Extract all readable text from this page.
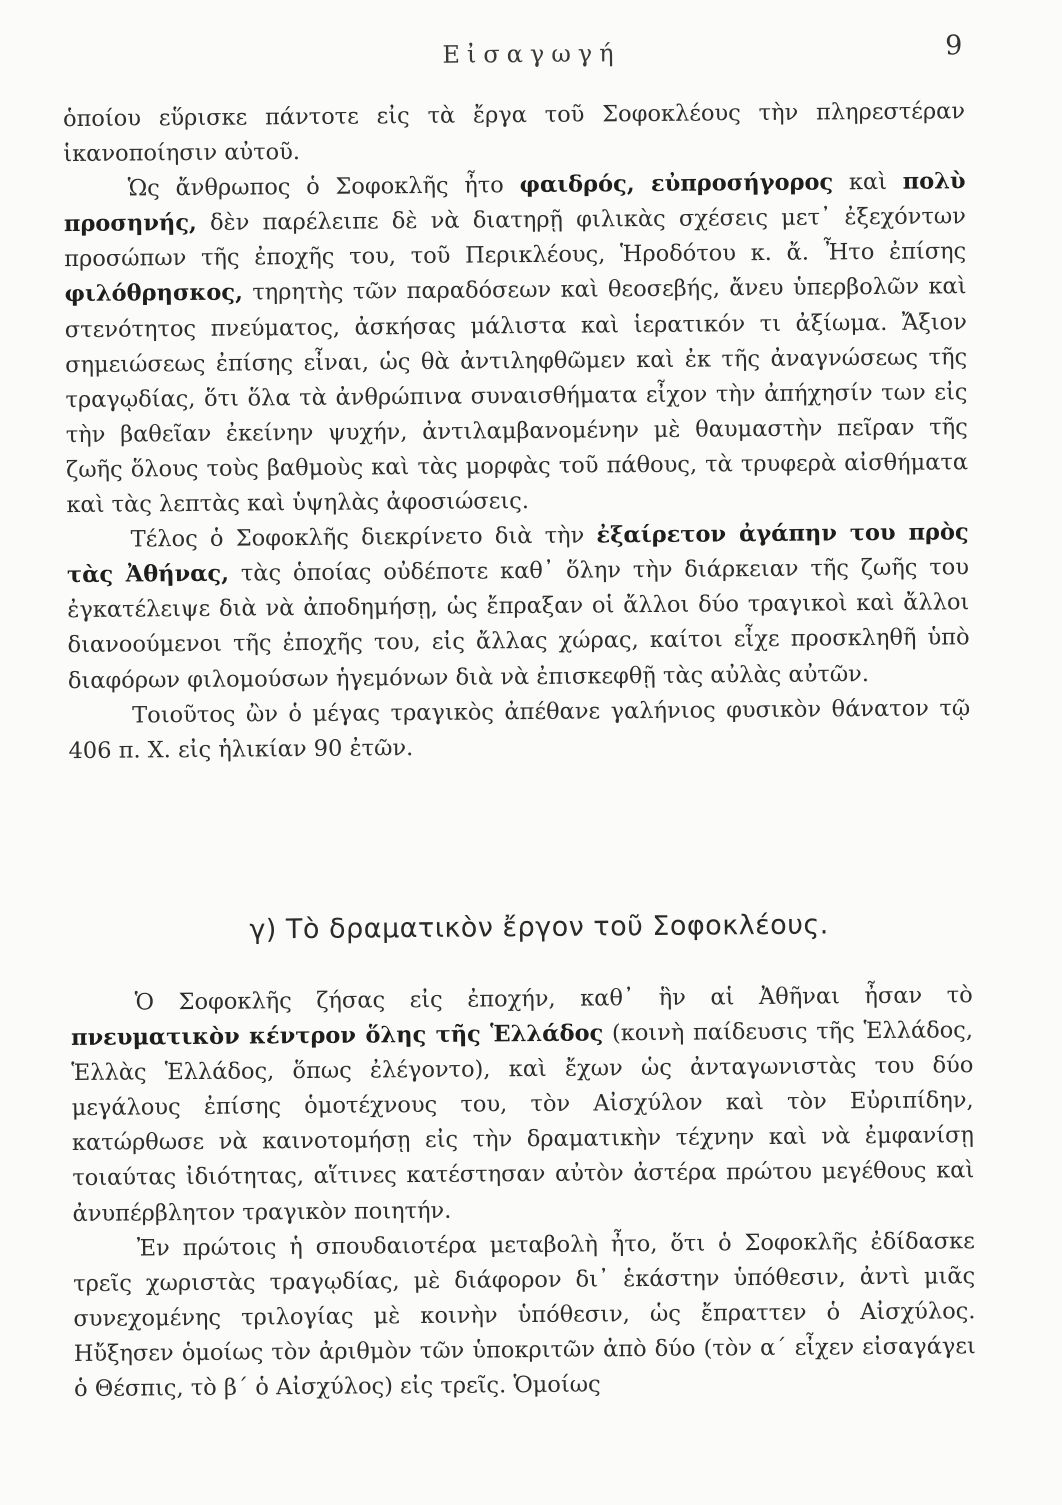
Εἰσαγωγή	9

ὁποίου εὕρισκε πάντοτε εἰς τὰ ἔργα τοῦ Σοφοκλέους τὴν πληρεστέραν ἱκανοποίησιν αὐτοῦ.

Ὡς ἄνθρωπος ὁ Σοφοκλῆς ἦτο φαιδρός, εὐπροσήγορος καὶ πολὺ προσηνής, δὲν παρέλειπε δὲ νὰ διατηρῇ φιλικὰς σχέσεις μετ᾽ ἐξεχόντων προσώπων τῆς ἐποχῆς του, τοῦ Περικλέους, Ἡροδότου κ. ἄ. Ἦτο ἐπίσης φιλόθρησκος, τηρητὴς τῶν παραδόσεων καὶ θεοσεβής, ἄνευ ὑπερβολῶν καὶ στενότητος πνεύματος, ἀσκήσας μάλιστα καὶ ἱερατικόν τι ἀξίωμα. Ἄξιον σημειώσεως ἐπίσης εἶναι, ὡς θὰ ἀντιληφθῶμεν καὶ ἐκ τῆς ἀναγνώσεως τῆς τραγῳδίας, ὅτι ὅλα τὰ ἀνθρώπινα συναισθήματα εἶχον τὴν ἀπήχησίν των εἰς τὴν βαθεῖαν ἐκείνην ψυχήν, ἀντιλαμβανομένην μὲ θαυμαστὴν πεῖραν τῆς ζωῆς ὅλους τοὺς βαθμοὺς καὶ τὰς μορφὰς τοῦ πάθους, τὰ τρυφερὰ αἰσθήματα καὶ τὰς λεπτὰς καὶ ὑψηλὰς ἀφοσιώσεις.

Τέλος ὁ Σοφοκλῆς διεκρίνετο διὰ τὴν ἐξαίρετον ἀγάπην του πρὸς τὰς Ἀθήνας, τὰς ὁποίας οὐδέποτε καθ᾽ ὅλην τὴν διάρκειαν τῆς ζωῆς του ἐγκατέλειψε διὰ νὰ ἀποδημήσῃ, ὡς ἔπραξαν οἱ ἄλλοι δύο τραγικοὶ καὶ ἄλλοι διανοούμενοι τῆς ἐποχῆς του, εἰς ἄλλας χώρας, καίτοι εἶχε προσκληθῆ ὑπὸ διαφόρων φιλομούσων ἡγεμόνων διὰ νὰ ἐπισκεφθῇ τὰς αὐλὰς αὐτῶν.

Τοιοῦτος ὢν ὁ μέγας τραγικὸς ἀπέθανε γαλήνιος φυσικὸν θάνατον τῷ 406 π. Χ. εἰς ἡλικίαν 90 ἐτῶν.

γ) Τὸ δραματικὸν ἔργον τοῦ Σοφοκλέους.

Ὁ Σοφοκλῆς ζήσας εἰς ἐποχήν, καθ᾽ ἣν αἱ Ἀθῆναι ἦσαν τὸ πνευματικὸν κέντρον ὅλης τῆς Ἑλλάδος (κοινὴ παίδευσις τῆς Ἑλλάδος, Ἑλλὰς Ἑλλάδος, ὅπως ἐλέγοντο), καὶ ἔχων ὡς ἀνταγωνιστὰς του δύο μεγάλους ἐπίσης ὁμοτέχνους του, τὸν Αἰσχύλον καὶ τὸν Εὐριπίδην, κατώρθωσε νὰ καινοτομήσῃ εἰς τὴν δραματικὴν τέχνην καὶ νὰ ἐμφανίσῃ τοιαύτας ἰδιότητας, αἵτινες κατέστησαν αὐτὸν ἀστέρα πρώτου μεγέθους καὶ ἀνυπέρβλητον τραγικὸν ποιητήν.

Ἐν πρώτοις ἡ σπουδαιοτέρα μεταβολὴ ἦτο, ὅτι ὁ Σοφοκλῆς ἐδίδασκε τρεῖς χωριστὰς τραγῳδίας, μὲ διάφορον δι᾽ ἑκάστην ὑπόθεσιν, ἀντὶ μιᾶς συνεχομένης τριλογίας μὲ κοινὴν ὑπόθεσιν, ὡς ἔπραττεν ὁ Αἰσχύλος. Ηὔξησεν ὁμοίως τὸν ἀριθμὸν τῶν ὑποκριτῶν ἀπὸ δύο (τὸν α´ εἶχεν εἰσαγάγει ὁ Θέσπις, τὸ β´ ὁ Αἰσχύλος) εἰς τρεῖς. Ὁμοίως
